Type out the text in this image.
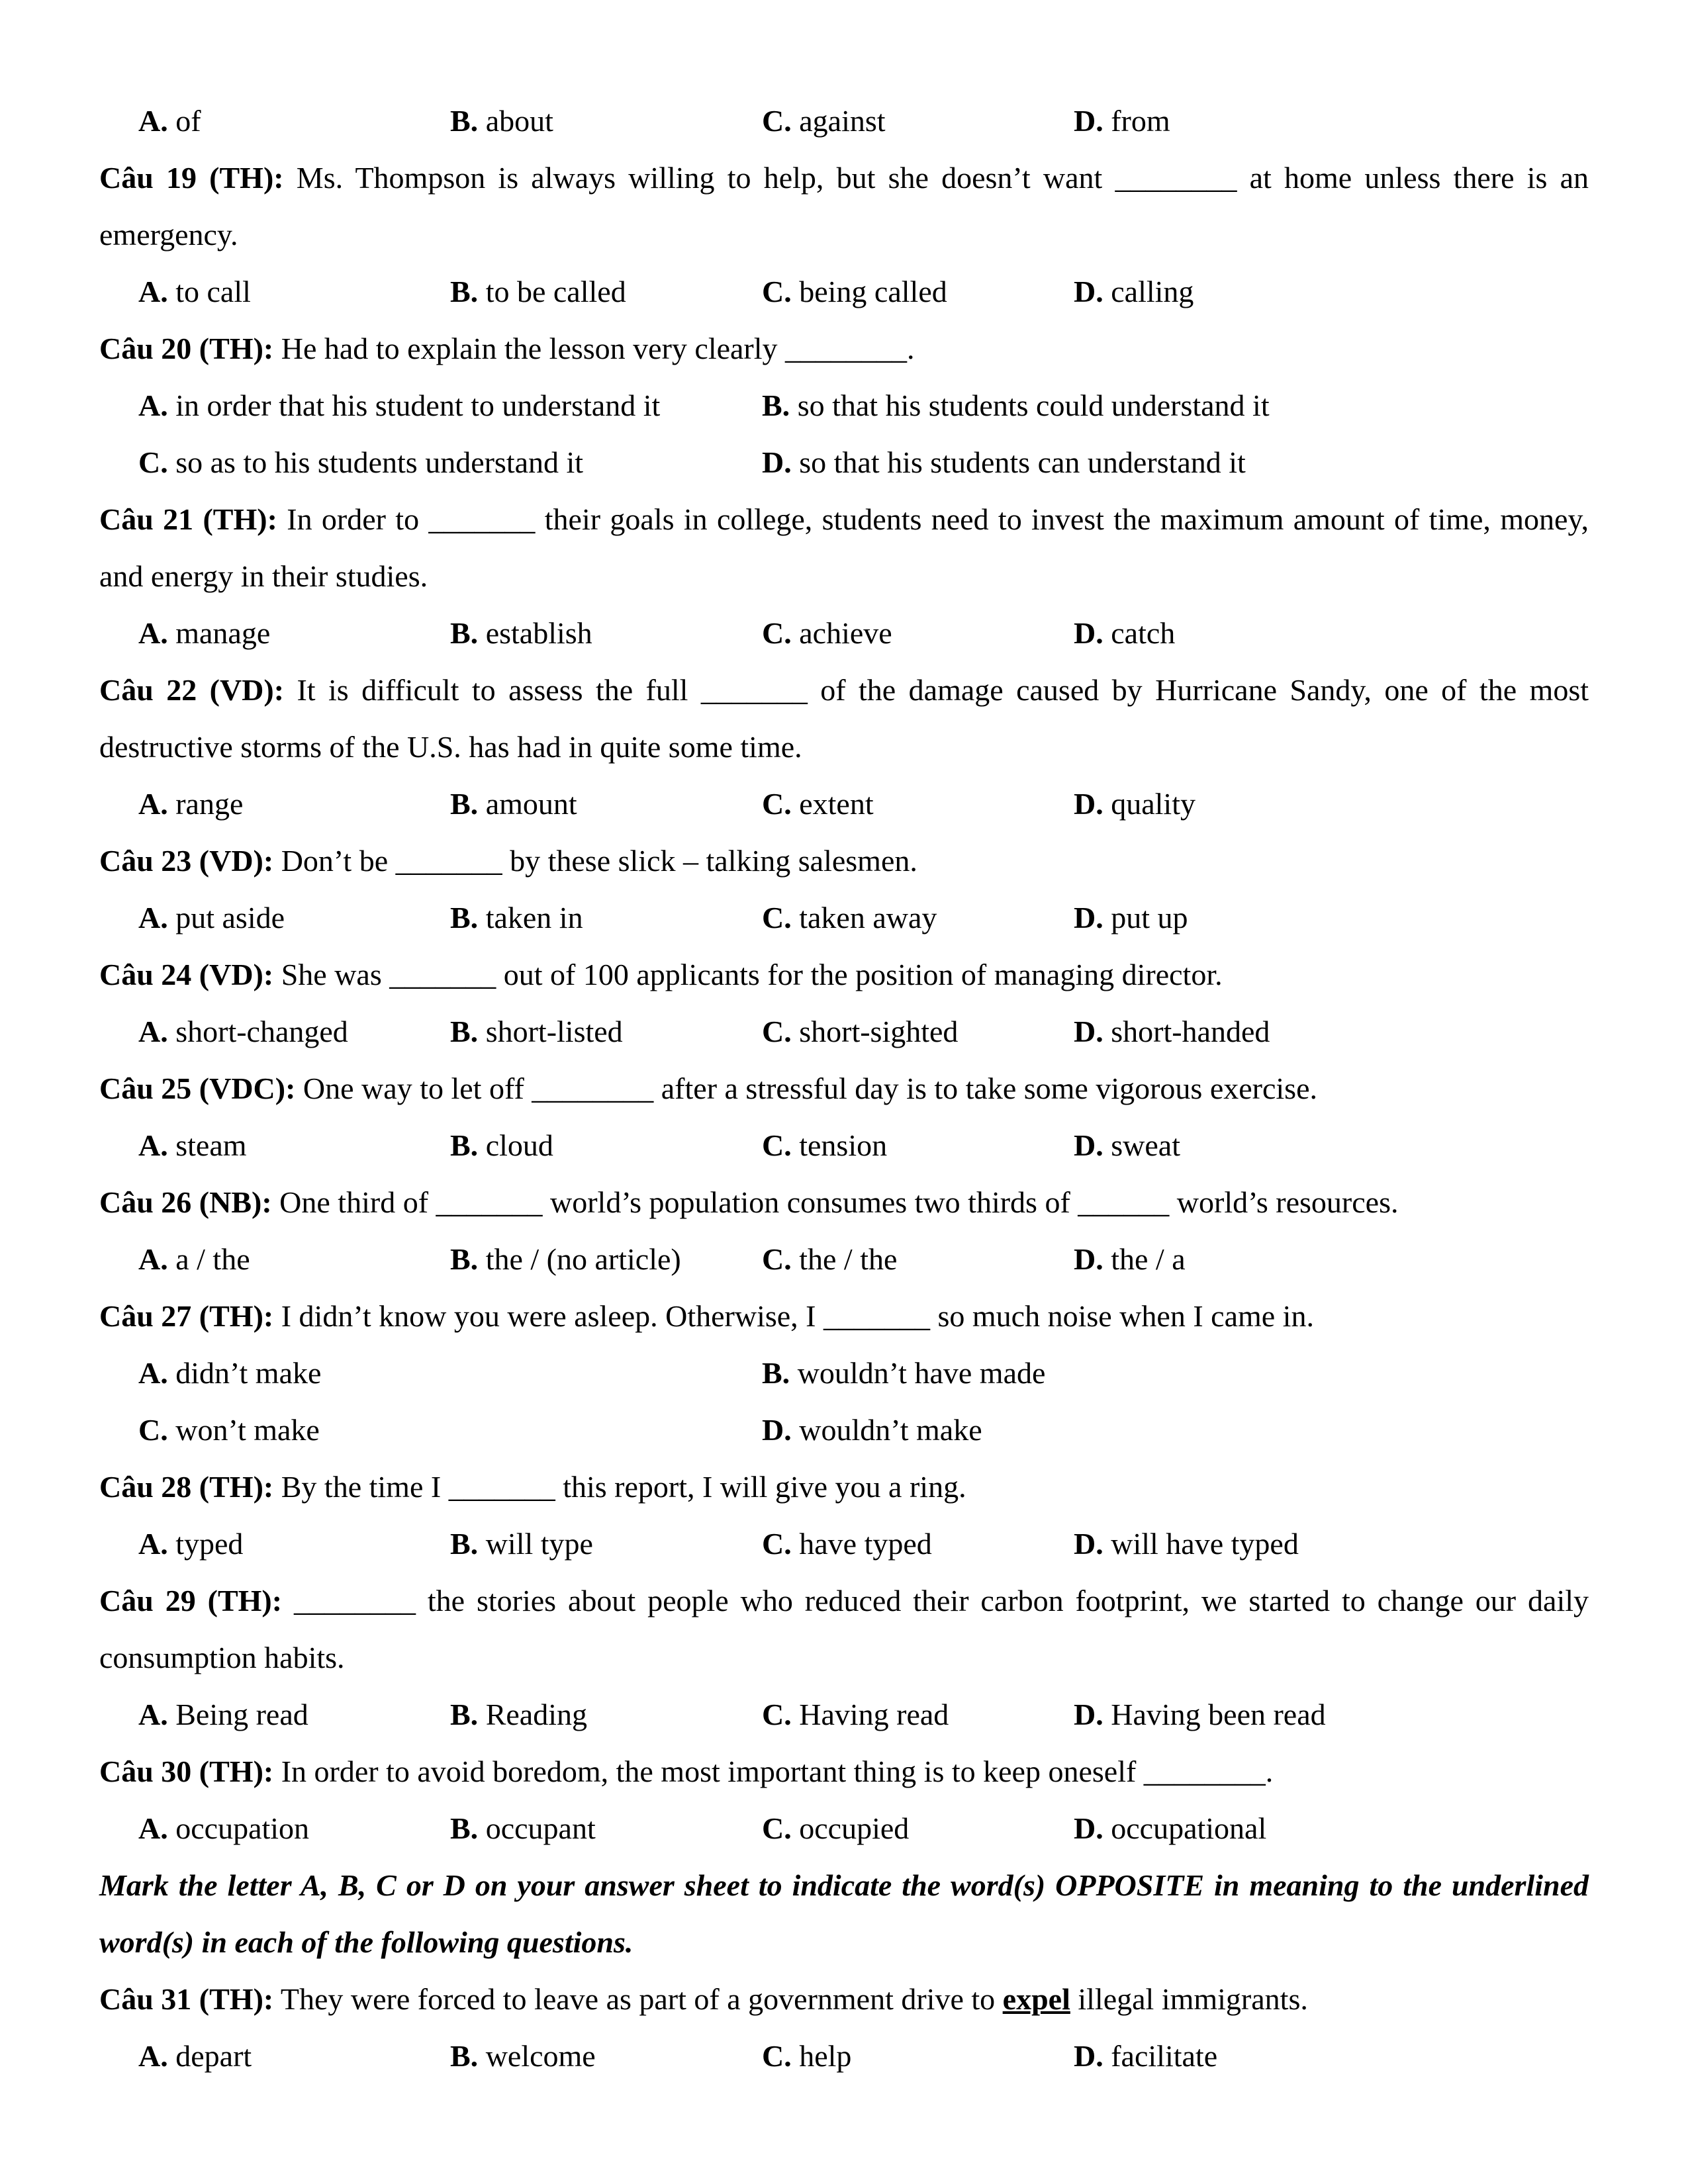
A. of	B. about	C. against	D. from
Câu 19 (TH): Ms. Thompson is always willing to help, but she doesn’t want ________ at home unless there is an emergency.
A. to call	B. to be called	C. being called	D. calling
Câu 20 (TH): He had to explain the lesson very clearly ________.
A. in order that his student to understand it	B. so that his students could understand it
C. so as to his students understand it	D. so that his students can understand it
Câu 21 (TH): In order to _______ their goals in college, students need to invest the maximum amount of time, money, and energy in their studies.
A. manage	B. establish	C. achieve	D. catch
Câu 22 (VD): It is difficult to assess the full _______ of the damage caused by Hurricane Sandy, one of the most destructive storms of the U.S. has had in quite some time.
A. range	B. amount	C. extent	D. quality
Câu 23 (VD): Don’t be _______ by these slick – talking salesmen.
A. put aside	B. taken in	C. taken away	D. put up
Câu 24 (VD): She was _______ out of 100 applicants for the position of managing director.
A. short-changed	B. short-listed	C. short-sighted	D. short-handed
Câu 25 (VDC): One way to let off ________ after a stressful day is to take some vigorous exercise.
A. steam	B. cloud	C. tension	D. sweat
Câu 26 (NB): One third of _______ world’s population consumes two thirds of ______ world’s resources.
A. a / the	B. the / (no article)	C. the / the	D. the / a
Câu 27 (TH): I didn’t know you were asleep. Otherwise, I _______ so much noise when I came in.
A. didn’t make	B. wouldn’t have made
C. won’t make	D. wouldn’t make
Câu 28 (TH): By the time I _______ this report, I will give you a ring.
A. typed	B. will type	C. have typed	D. will have typed
Câu 29 (TH): ________ the stories about people who reduced their carbon footprint, we started to change our daily consumption habits.
A. Being read	B. Reading	C. Having read	D. Having been read
Câu 30 (TH): In order to avoid boredom, the most important thing is to keep oneself ________.
A. occupation	B. occupant	C. occupied	D. occupational
Mark the letter A, B, C or D on your answer sheet to indicate the word(s) OPPOSITE in meaning to the underlined word(s) in each of the following questions.
Câu 31 (TH): They were forced to leave as part of a government drive to expel illegal immigrants.
A. depart	B. welcome	C. help	D. facilitate
